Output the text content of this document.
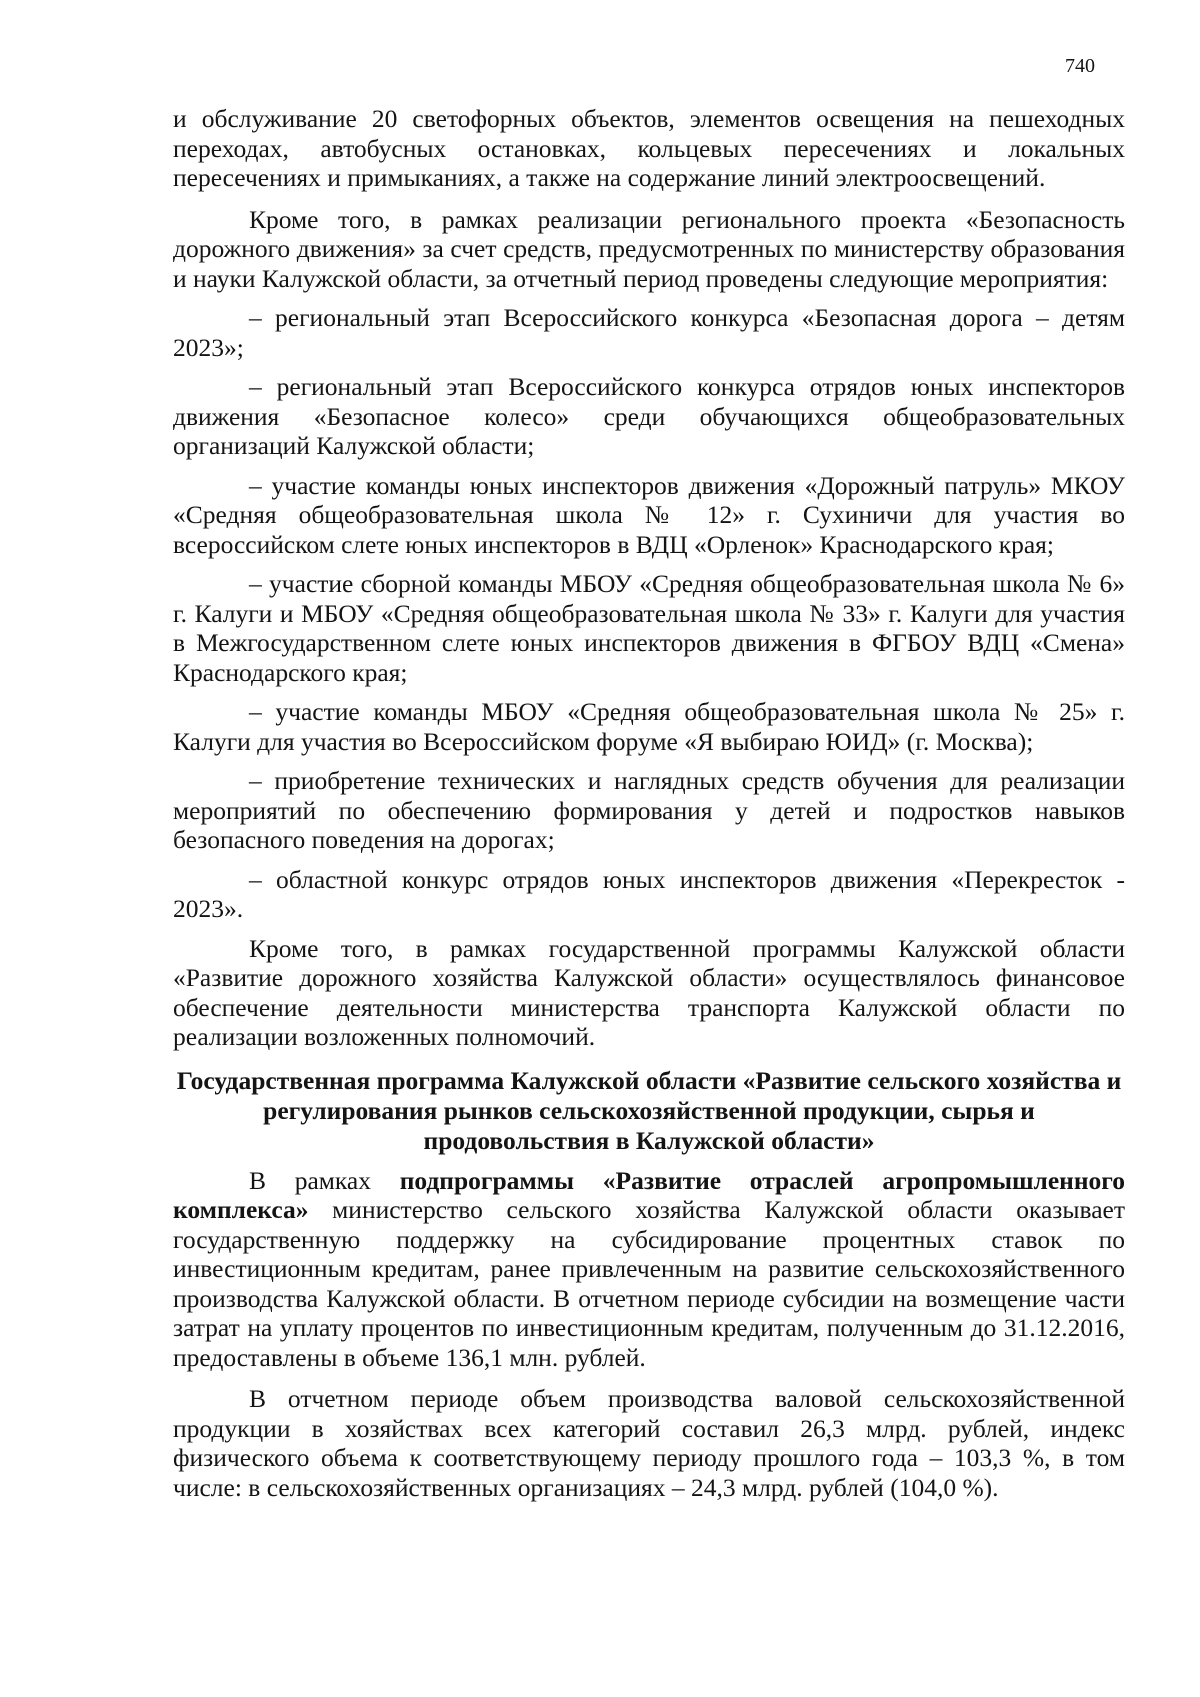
740

и обслуживание 20 светофорных объектов, элементов освещения на пешеходных переходах, автобусных остановках, кольцевых пересечениях и локальных пересечениях и примыканиях, а также на содержание линий электроосвещений.

Кроме того, в рамках реализации регионального проекта «Безопасность дорожного движения» за счет средств, предусмотренных по министерству образования и науки Калужской области, за отчетный период проведены следующие мероприятия:

– региональный этап Всероссийского конкурса «Безопасная дорога – детям 2023»;

– региональный этап Всероссийского конкурса отрядов юных инспекторов движения «Безопасное колесо» среди обучающихся общеобразовательных организаций Калужской области;

– участие команды юных инспекторов движения «Дорожный патруль» МКОУ «Средняя общеобразовательная школа № 12» г. Сухиничи для участия во всероссийском слете юных инспекторов в ВДЦ «Орленок» Краснодарского края;

– участие сборной команды МБОУ «Средняя общеобразовательная школа № 6» г. Калуги и МБОУ «Средняя общеобразовательная школа № 33» г. Калуги для участия в Межгосударственном слете юных инспекторов движения в ФГБОУ ВДЦ «Смена» Краснодарского края;

– участие команды МБОУ «Средняя общеобразовательная школа № 25» г. Калуги для участия во Всероссийском форуме «Я выбираю ЮИД» (г. Москва);

– приобретение технических и наглядных средств обучения для реализации мероприятий по обеспечению формирования у детей и подростков навыков безопасного поведения на дорогах;

– областной конкурс отрядов юных инспекторов движения «Перекресток - 2023».

Кроме того, в рамках государственной программы Калужской области «Развитие дорожного хозяйства Калужской области» осуществлялось финансовое обеспечение деятельности министерства транспорта Калужской области по реализации возложенных полномочий.

Государственная программа Калужской области «Развитие сельского хозяйства и регулирования рынков сельскохозяйственной продукции, сырья и продовольствия в Калужской области»

В рамках подпрограммы «Развитие отраслей агропромышленного комплекса» министерство сельского хозяйства Калужской области оказывает государственную поддержку на субсидирование процентных ставок по инвестиционным кредитам, ранее привлеченным на развитие сельскохозяйственного производства Калужской области. В отчетном периоде субсидии на возмещение части затрат на уплату процентов по инвестиционным кредитам, полученным до 31.12.2016, предоставлены в объеме 136,1 млн. рублей.

В отчетном периоде объем производства валовой сельскохозяйственной продукции в хозяйствах всех категорий составил 26,3 млрд. рублей, индекс физического объема к соответствующему периоду прошлого года – 103,3 %, в том числе: в сельскохозяйственных организациях – 24,3 млрд. рублей (104,0 %).
